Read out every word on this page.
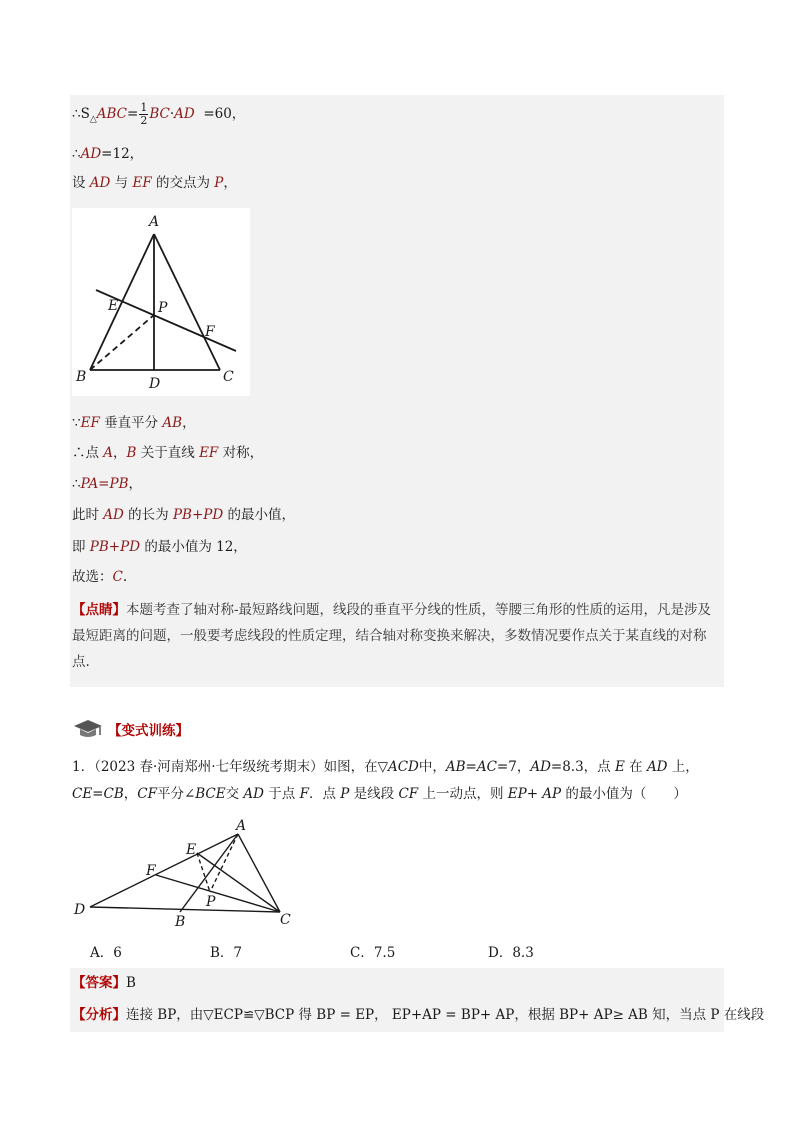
$\therefore S_\triangle ABC= \frac{1}{2} BC\cdot AD =60$，
∴AD=12，
设 AD 与 EF 的交点为 P，
A
E	P
F
B	D	C
∵EF 垂直平分 AB，
∴点 A，B 关于直线 EF 对称，
∴PA=PB，
此时 AD 的长为 PB+PD 的最小值，
即 PB+PD 的最小值为 12，
故选：C.
【点睛】本题考查了轴对称-最短路线问题，线段的垂直平分线的性质，等腰三角形的性质的运用，凡是涉及最短距离的问题，一般要考虑线段的性质定理，结合轴对称变换来解决，多数情况要作点关于某直线的对称点.
【变式训练】
1．（2023 春·河南郑州·七年级统考期末）如图，在▽ACD中，AB=AC=7，AD=8.3，点 E 在 AD 上，CE=CB，CF平分∠BCE交 AD 于点 F．点 P 是线段 CF 上一动点，则 EP+ AP 的最小值为（　　）
A
E
F
P
D
B	C
A．6	B．7	C．7.5	D．8.3
【答案】B
【分析】连接 BP，由▽ECP≌▽BCP 得 BP = EP， EP+AP = BP+ AP，根据 BP+ AP≥ AB 知，当点 P 在线段
